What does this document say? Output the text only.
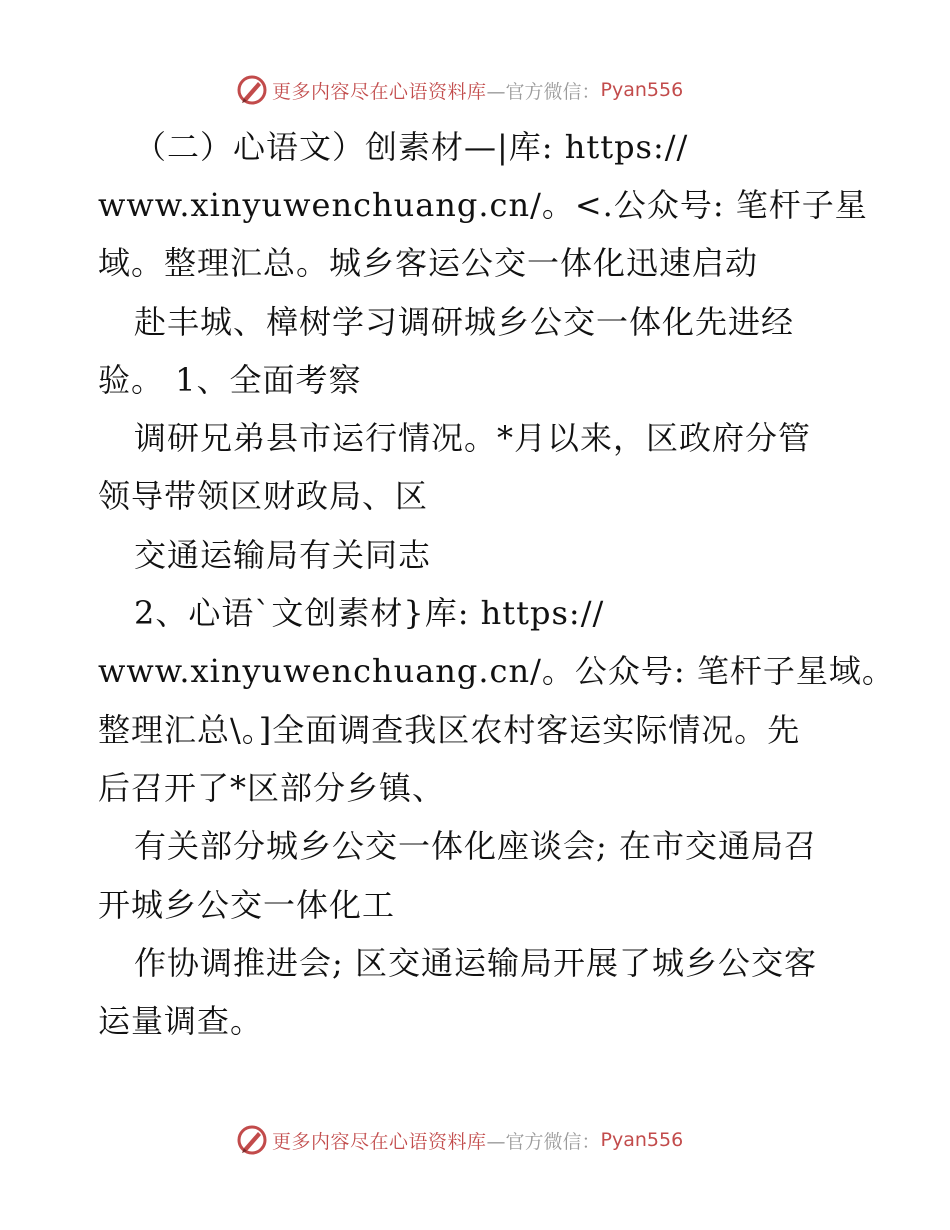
更多内容尽在心语资料库 —官方微信： Pyan556
（二）心语文）创素材—|库: https://
www.xinyuwenchuang.cn/。<.公众号: 笔杆子星
域。整理汇总。城乡客运公交一体化迅速启动
赴丰城、樟树学习调研城乡公交一体化先进经
验。 1、全面考察
调研兄弟县市运行情况。*月以来，区政府分管
领导带领区财政局、区
交通运输局有关同志
2、心语`文创素材}库: https://
www.xinyuwenchuang.cn/。公众号: 笔杆子星域。
整理汇总\。]全面调查我区农村客运实际情况。先
后召开了*区部分乡镇、
有关部分城乡公交一体化座谈会; 在市交通局召
开城乡公交一体化工
作协调推进会; 区交通运输局开展了城乡公交客
运量调查。
更多内容尽在心语资料库 —官方微信： Pyan556
